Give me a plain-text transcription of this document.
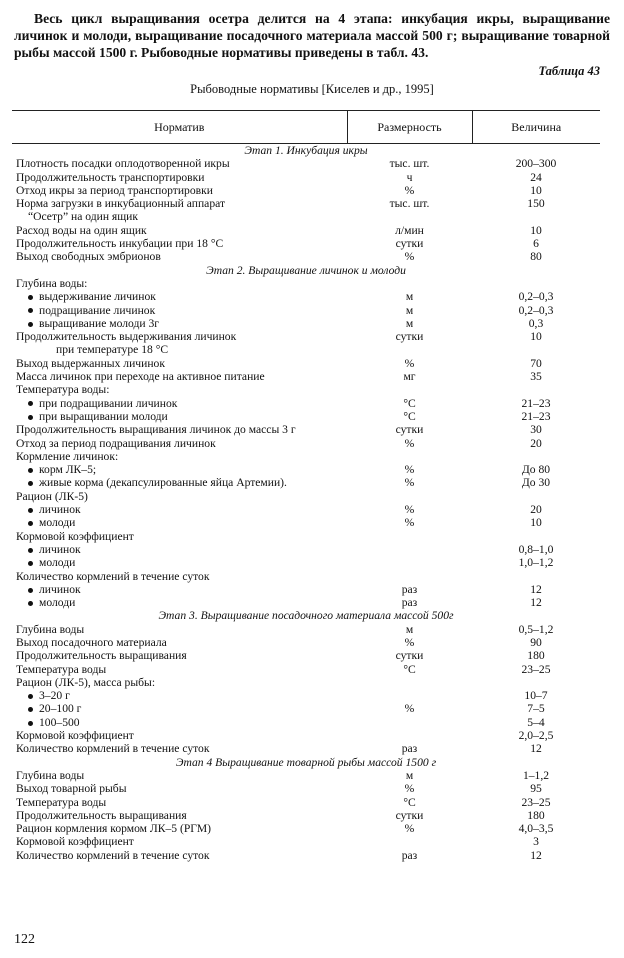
Весь цикл выращивания осетра делится на 4 этапа: инкубация икры, выращивание личинок и молоди, выращивание посадочного материала массой 500 г; выращивание товарной рыбы массой 1500 г. Рыбоводные нормативы приведены в табл. 43.
Таблица 43
Рыбоводные нормативы [Киселев и др., 1995]
Норматив	Размерность	Величина
Этап 1. Инкубация икры		
Плотность посадки оплодотворенной икры	тыс. шт.	200–300
Продолжительность транспортировки	ч	24
Отход икры за период транспортировки	%	10
Норма загрузки в инкубационный аппарат	тыс. шт.	150
“Осетр” на один ящик		
Расход воды на один ящик	л/мин	10
Продолжительность инкубации при 18 °С	сутки	6
Выход свободных эмбрионов	%	80
Этап 2. Выращивание личинок и молоди		
Глубина воды:		
выдерживание личинок	м	0,2–0,3
подращивание личинок	м	0,2–0,3
выращивание молоди 3г	м	0,3
Продолжительность выдерживания личинок	сутки	10
при температуре 18 °С		
Выход выдержанных личинок	%	70
Масса личинок при переходе на активное питание	мг	35
Температура воды:		
при подращивании личинок	°С	21–23
при выращивании молоди	°С	21–23
Продолжительность выращивания личинок до массы 3 г	сутки	30
Отход за период подращивания личинок	%	20
Кормление личинок:		
корм ЛК–5;	%	До 80
живые корма (декапсулированные яйца Артемии).	%	До 30
Рацион (ЛК-5)		
личинок	%	20
молоди	%	10
Кормовой коэффициент		
личинок		0,8–1,0
молоди		1,0–1,2
Количество кормлений в течение суток		
личинок	раз	12
молоди	раз	12
Этап 3. Выращивание посадочного материала массой 500г		
Глубина воды	м	0,5–1,2
Выход посадочного материала	%	90
Продолжительность выращивания	сутки	180
Температура воды	°С	23–25
Рацион (ЛК-5), масса рыбы:		
3–20 г		10–7
20–100 г	%	7–5
100–500		5–4
Кормовой коэффициент		2,0–2,5
Количество кормлений в течение суток	раз	12
Этап 4 Выращивание товарной рыбы массой 1500 г		
Глубина воды	м	1–1,2
Выход товарной рыбы	%	95
Температура воды	°С	23–25
Продолжительность выращивания	сутки	180
Рацион кормления кормом ЛК–5 (РГМ)	%	4,0–3,5
Кормовой коэффициент		3
Количество кормлений в течение суток	раз	12
122
